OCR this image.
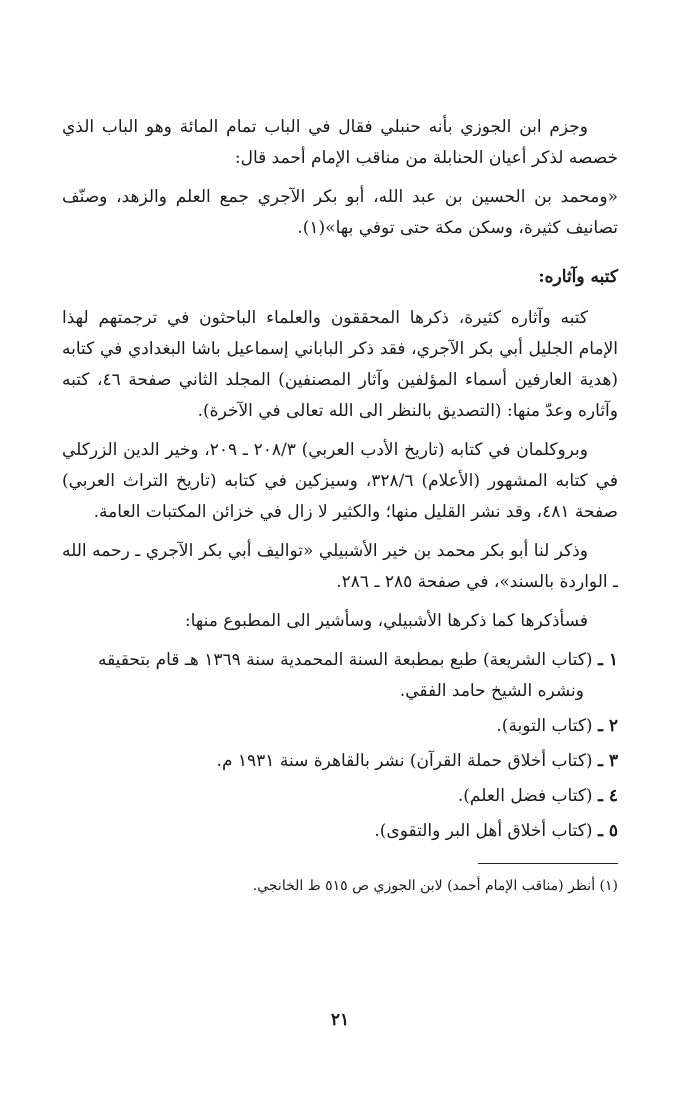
وجزم ابن الجوزي بأنه حنبلي فقال في الباب تمام المائة وهو الباب الذي خصصه لذكر أعيان الحنابلة من مناقب الإمام أحمد قال:

«ومحمد بن الحسين بن عبد الله، أبو بكر الآجري جمع العلم والزهد، وصنّف تصانيف كثيرة، وسكن مكة حتى توفي بها»(١).

كتبه وآثاره:

كتبه وآثاره كثيرة، ذكرها المحققون والعلماء الباحثون في ترجمتهم لهذا الإمام الجليل أبي بكر الآجري، فقد ذكر الباباني إسماعيل باشا البغدادي في كتابه (هدية العارفين أسماء المؤلفين وآثار المصنفين) المجلد الثاني صفحة ٤٦، كتبه وآثاره وعدّ منها: (التصديق بالنظر الى الله تعالى في الآخرة).

وبروكلمان في كتابه (تاريخ الأدب العربي) ٢٠٨/٣ ـ ٢٠٩، وخير الدين الزركلي في كتابه المشهور (الأعلام) ٣٢٨/٦، وسيزكين في كتابه (تاريخ التراث العربي) صفحة ٤٨١، وقد نشر القليل منها؛ والكثير لا زال في خزائن المكتبات العامة.

وذكر لنا أبو بكر محمد بن خير الأشبيلي «تواليف أبي بكر الآجري ـ رحمه الله ـ الواردة بالسند»، في صفحة ٢٨٥ ـ ٢٨٦.

فسأذكرها كما ذكرها الأشبيلي، وسأشير الى المطبوع منها:

١ ـ (كتاب الشريعة) طبع بمطبعة السنة المحمدية سنة ١٣٦٩ هـ قام بتحقيقه
ونشره الشيخ حامد الفقي.
٢ ـ (كتاب التوبة).
٣ ـ (كتاب أخلاق حملة القرآن) نشر بالقاهرة سنة ١٩٣١ م.
٤ ـ (كتاب فضل العلم).
٥ ـ (كتاب أخلاق أهل البر والتقوى).

(١) أنظر (مناقب الإمام أحمد) لابن الجوزي ص ٥١٥ ط الخانجي.

٢١
